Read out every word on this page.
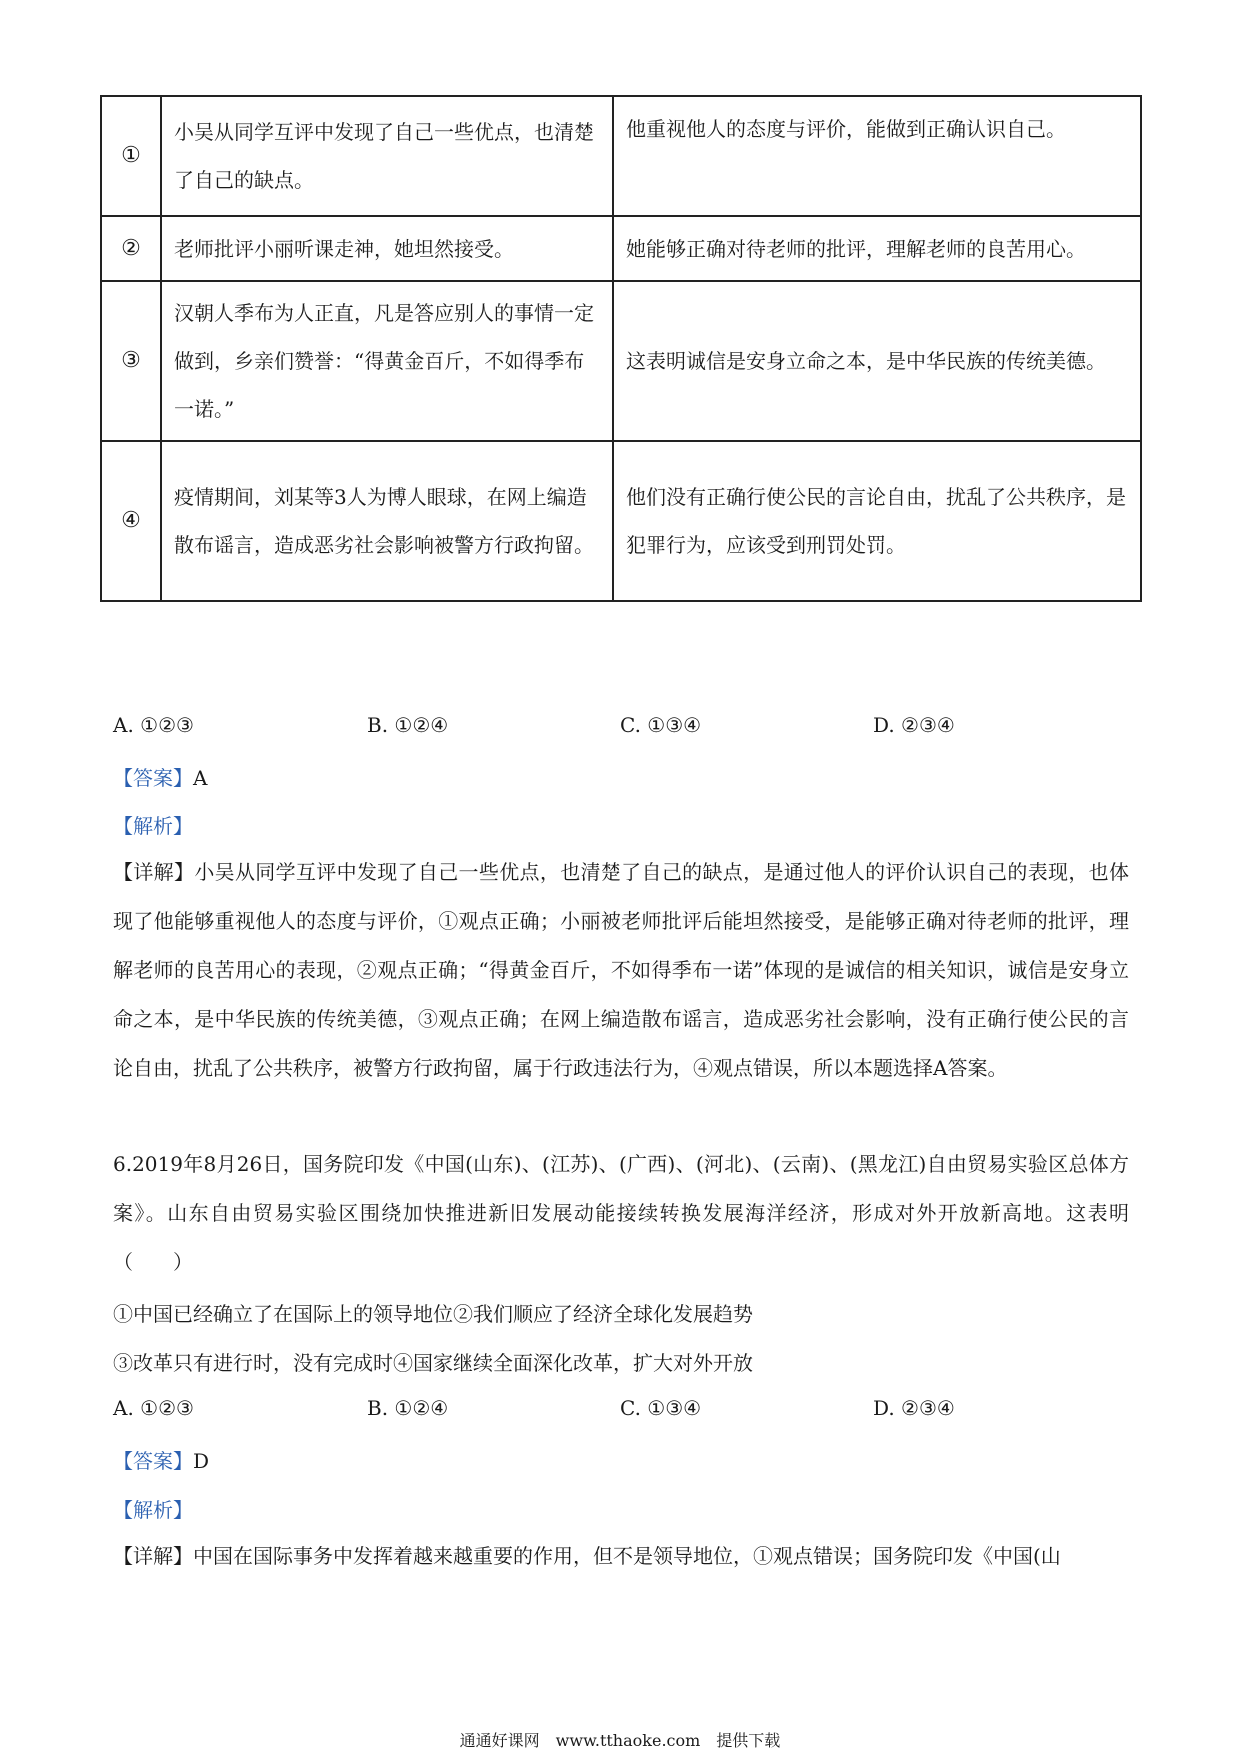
①	小吴从同学互评中发现了自己一些优点，也清楚了自己的缺点。	他重视他人的态度与评价，能做到正确认识自己。
②	老师批评小丽听课走神，她坦然接受。	她能够正确对待老师的批评，理解老师的良苦用心。
③	汉朝人季布为人正直，凡是答应别人的事情一定做到，乡亲们赞誉：“得黄金百斤，不如得季布一诺。”	这表明诚信是安身立命之本，是中华民族的传统美德。
④	疫情期间，刘某等3人为博人眼球，在网上编造散布谣言，造成恶劣社会影响被警方行政拘留。	他们没有正确行使公民的言论自由，扰乱了公共秩序，是犯罪行为，应该受到刑罚处罚。
A. ①②③	B. ①②④	C. ①③④	D. ②③④
【答案】A
【解析】
【详解】小吴从同学互评中发现了自己一些优点，也清楚了自己的缺点，是通过他人的评价认识自己的表现，也体现了他能够重视他人的态度与评价，①观点正确；小丽被老师批评后能坦然接受，是能够正确对待老师的批评，理解老师的良苦用心的表现，②观点正确；“得黄金百斤，不如得季布一诺”体现的是诚信的相关知识，诚信是安身立命之本，是中华民族的传统美德，③观点正确；在网上编造散布谣言，造成恶劣社会影响，没有正确行使公民的言论自由，扰乱了公共秩序，被警方行政拘留，属于行政违法行为，④观点错误，所以本题选择A答案。
6.2019年8月26日，国务院印发《中国(山东)、(江苏)、(广西)、(河北)、(云南)、(黑龙江)自由贸易实验区总体方案》。山东自由贸易实验区围绕加快推进新旧发展动能接续转换发展海洋经济，形成对外开放新高地。这表明（　　）
①中国已经确立了在国际上的领导地位②我们顺应了经济全球化发展趋势
③改革只有进行时，没有完成时④国家继续全面深化改革，扩大对外开放
A. ①②③	B. ①②④	C. ①③④	D. ②③④
【答案】D
【解析】
【详解】中国在国际事务中发挥着越来越重要的作用，但不是领导地位，①观点错误；国务院印发《中国(山
通通好课网　www.tthaoke.com　提供下载
